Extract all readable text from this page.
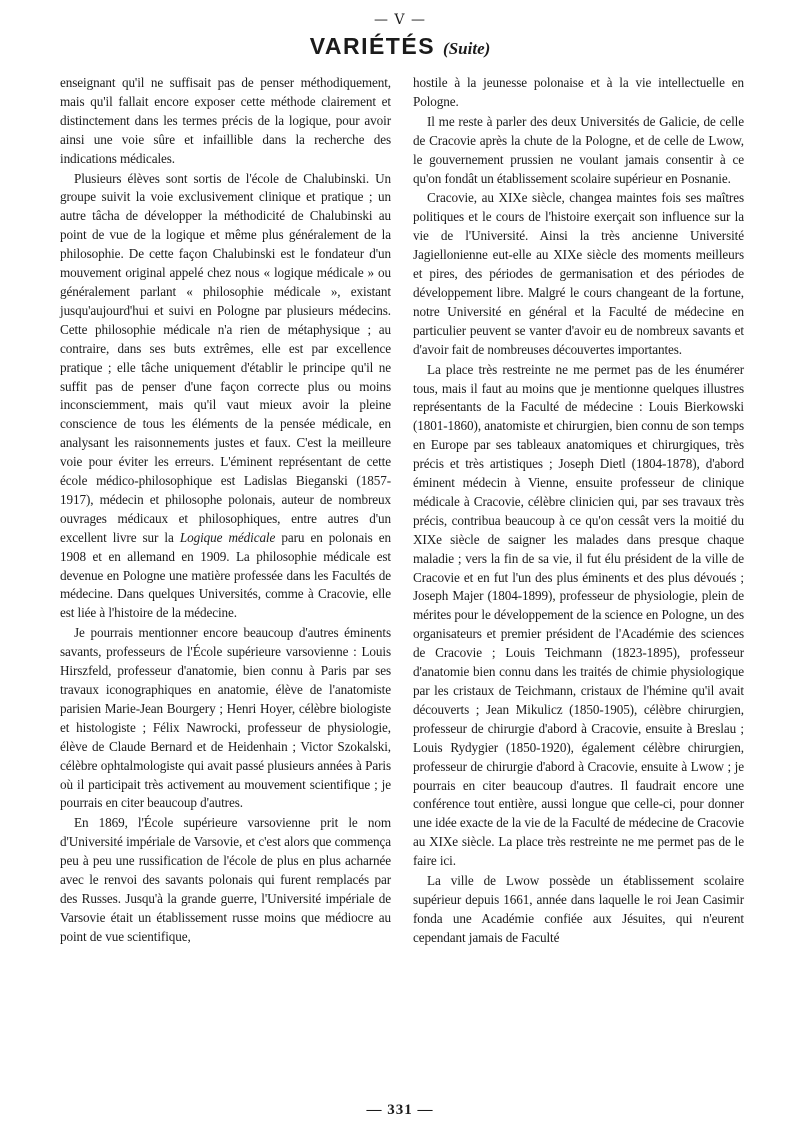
— V —
VARIÉTÉS (Suite)

enseignant qu'il ne suffisait pas de penser méthodiquement, mais qu'il fallait encore exposer cette méthode clairement et distinctement dans les termes précis de la logique, pour avoir ainsi une voie sûre et infaillible dans la recherche des indications médicales.

Plusieurs élèves sont sortis de l'école de Chalubinski. Un groupe suivit la voie exclusivement clinique et pratique ; un autre tâcha de développer la méthodicité de Chalubinski au point de vue de la logique et même plus généralement de la philosophie. De cette façon Chalubinski est le fondateur d'un mouvement original appelé chez nous « logique médicale » ou généralement parlant « philosophie médicale », existant jusqu'aujourd'hui et suivi en Pologne par plusieurs médecins. Cette philosophie médicale n'a rien de métaphysique ; au contraire, dans ses buts extrêmes, elle est par excellence pratique ; elle tâche uniquement d'établir le principe qu'il ne suffit pas de penser d'une façon correcte plus ou moins inconsciemment, mais qu'il vaut mieux avoir la pleine conscience de tous les éléments de la pensée médicale, en analysant les raisonnements justes et faux. C'est la meilleure voie pour éviter les erreurs. L'éminent représentant de cette école médico-philosophique est Ladislas Bieganski (1857-1917), médecin et philosophe polonais, auteur de nombreux ouvrages médicaux et philosophiques, entre autres d'un excellent livre sur la Logique médicale paru en polonais en 1908 et en allemand en 1909. La philosophie médicale est devenue en Pologne une matière professée dans les Facultés de médecine. Dans quelques Universités, comme à Cracovie, elle est liée à l'histoire de la médecine.

Je pourrais mentionner encore beaucoup d'autres éminents savants, professeurs de l'École supérieure varsovienne : Louis Hirszfeld, professeur d'anatomie, bien connu à Paris par ses travaux iconographiques en anatomie, élève de l'anatomiste parisien Marie-Jean Bourgery ; Henri Hoyer, célèbre biologiste et histologiste ; Félix Nawrocki, professeur de physiologie, élève de Claude Bernard et de Heidenhain ; Victor Szokalski, célèbre ophtalmologiste qui avait passé plusieurs années à Paris où il participait très activement au mouvement scientifique ; je pourrais en citer beaucoup d'autres.

En 1869, l'École supérieure varsovienne prit le nom d'Université impériale de Varsovie, et c'est alors que commença peu à peu une russification de l'école de plus en plus acharnée avec le renvoi des savants polonais qui furent remplacés par des Russes. Jusqu'à la grande guerre, l'Université impériale de Varsovie était un établissement russe moins que médiocre au point de vue scientifique,

hostile à la jeunesse polonaise et à la vie intellectuelle en Pologne.

Il me reste à parler des deux Universités de Galicie, de celle de Cracovie après la chute de la Pologne, et de celle de Lwow, le gouvernement prussien ne voulant jamais consentir à ce qu'on fondât un établissement scolaire supérieur en Posnanie.

Cracovie, au XIXe siècle, changea maintes fois ses maîtres politiques et le cours de l'histoire exerçait son influence sur la vie de l'Université. Ainsi la très ancienne Université Jagiellonienne eut-elle au XIXe siècle des moments meilleurs et pires, des périodes de germanisation et des périodes de développement libre. Malgré le cours changeant de la fortune, notre Université en général et la Faculté de médecine en particulier peuvent se vanter d'avoir eu de nombreux savants et d'avoir fait de nombreuses découvertes importantes.

La place très restreinte ne me permet pas de les énumérer tous, mais il faut au moins que je mentionne quelques illustres représentants de la Faculté de médecine : Louis Bierkowski (1801-1860), anatomiste et chirurgien, bien connu de son temps en Europe par ses tableaux anatomiques et chirurgiques, très précis et très artistiques ; Joseph Dietl (1804-1878), d'abord éminent médecin à Vienne, ensuite professeur de clinique médicale à Cracovie, célèbre clinicien qui, par ses travaux très précis, contribua beaucoup à ce qu'on cessât vers la moitié du XIXe siècle de saigner les malades dans presque chaque maladie ; vers la fin de sa vie, il fut élu président de la ville de Cracovie et en fut l'un des plus éminents et des plus dévoués ; Joseph Majer (1804-1899), professeur de physiologie, plein de mérites pour le développement de la science en Pologne, un des organisateurs et premier président de l'Académie des sciences de Cracovie ; Louis Teichmann (1823-1895), professeur d'anatomie bien connu dans les traités de chimie physiologique par les cristaux de Teichmann, cristaux de l'hémine qu'il avait découverts ; Jean Mikulicz (1850-1905), célèbre chirurgien, professeur de chirurgie d'abord à Cracovie, ensuite à Breslau ; Louis Rydygier (1850-1920), également célèbre chirurgien, professeur de chirurgie d'abord à Cracovie, ensuite à Lwow ; je pourrais en citer beaucoup d'autres. Il faudrait encore une conférence tout entière, aussi longue que celle-ci, pour donner une idée exacte de la vie de la Faculté de médecine de Cracovie au XIXe siècle. La place très restreinte ne me permet pas de le faire ici.

La ville de Lwow possède un établissement scolaire supérieur depuis 1661, année dans laquelle le roi Jean Casimir fonda une Académie confiée aux Jésuites, qui n'eurent cependant jamais de Faculté

— 331 —
